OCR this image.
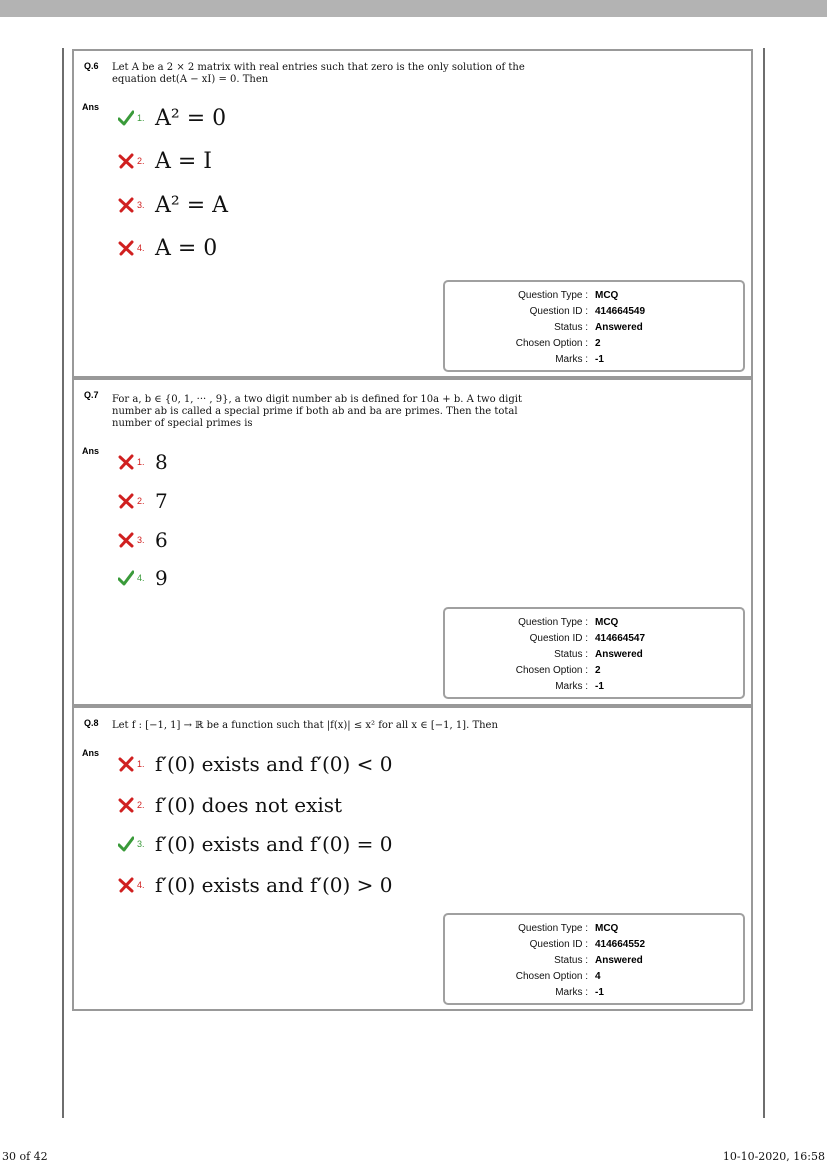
Q.6 Let A be a 2 × 2 matrix with real entries such that zero is the only solution of the equation det(A − xI) = 0. Then
Ans
1. A² = 0
2. A = I
3. A² = A
4. A = 0
Question Type : MCQ
Question ID : 414664549
Status : Answered
Chosen Option : 2
Marks : -1
Q.7 For a, b ∈ {0, 1, ··· , 9}, a two digit number ab is defined for 10a + b. A two digit number ab is called a special prime if both ab and ba are primes. Then the total number of special primes is
Ans
1. 8
2. 7
3. 6
4. 9
Question Type : MCQ
Question ID : 414664547
Status : Answered
Chosen Option : 2
Marks : -1
Q.8 Let f : [−1, 1] → ℝ be a function such that |f(x)| ≤ x² for all x ∈ [−1, 1]. Then
Ans
1. f′(0) exists and f′(0) < 0
2. f′(0) does not exist
3. f′(0) exists and f′(0) = 0
4. f′(0) exists and f′(0) > 0
Question Type : MCQ
Question ID : 414664552
Status : Answered
Chosen Option : 4
Marks : -1
30 of 42	10-10-2020, 16:58
